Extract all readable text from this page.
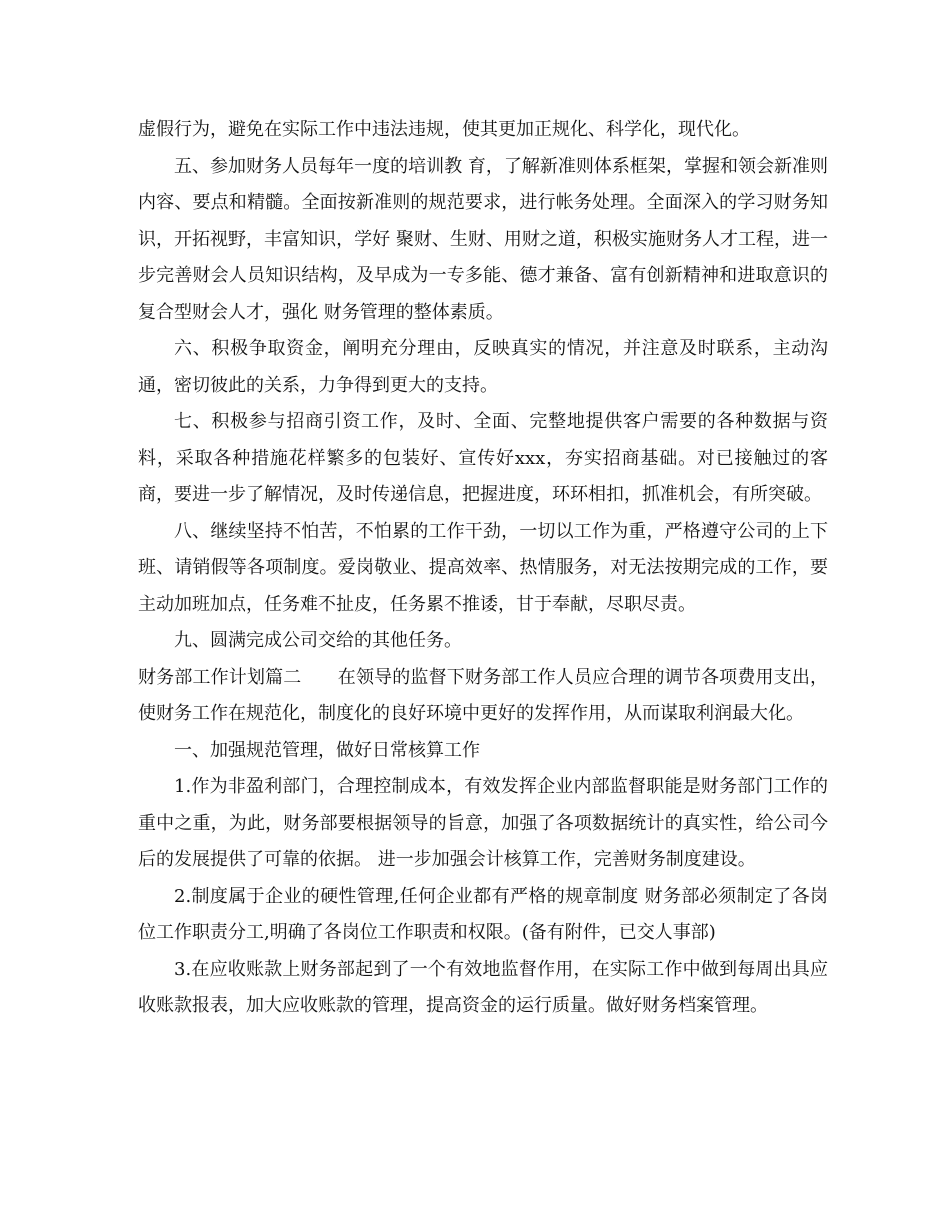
虚假行为，避免在实际工作中违法违规，使其更加正规化、科学化，现代化。

五、参加财务人员每年一度的培训教 育，了解新准则体系框架，掌握和领会新准则内容、要点和精髓。全面按新准则的规范要求，进行帐务处理。全面深入的学习财务知识，开拓视野，丰富知识，学好 聚财、生财、用财之道，积极实施财务人才工程，进一步完善财会人员知识结构，及早成为一专多能、德才兼备、富有创新精神和进取意识的复合型财会人才，强化 财务管理的整体素质。

六、积极争取资金，阐明充分理由，反映真实的情况，并注意及时联系，主动沟通，密切彼此的关系，力争得到更大的支持。

七、积极参与招商引资工作，及时、全面、完整地提供客户需要的各种数据与资料，采取各种措施花样繁多的包装好、宣传好xxx，夯实招商基础。对已接触过的客商，要进一步了解情况，及时传递信息，把握进度，环环相扣，抓准机会，有所突破。

八、继续坚持不怕苦，不怕累的工作干劲，一切以工作为重，严格遵守公司的上下班、请销假等各项制度。爱岗敬业、提高效率、热情服务，对无法按期完成的工作，要主动加班加点，任务难不扯皮，任务累不推诿，甘于奉献，尽职尽责。

九、圆满完成公司交给的其他任务。

财务部工作计划篇二　　在领导的监督下财务部工作人员应合理的调节各项费用支出，使财务工作在规范化，制度化的良好环境中更好的发挥作用，从而谋取利润最大化。

一、加强规范管理，做好日常核算工作

1.作为非盈利部门，合理控制成本，有效发挥企业内部监督职能是财务部门工作的重中之重，为此，财务部要根据领导的旨意，加强了各项数据统计的真实性，给公司今后的发展提供了可靠的依据。 进一步加强会计核算工作，完善财务制度建设。

2.制度属于企业的硬性管理,任何企业都有严格的规章制度 财务部必须制定了各岗位工作职责分工,明确了各岗位工作职责和权限。(备有附件，已交人事部)

3.在应收账款上财务部起到了一个有效地监督作用，在实际工作中做到每周出具应收账款报表，加大应收账款的管理，提高资金的运行质量。做好财务档案管理。
